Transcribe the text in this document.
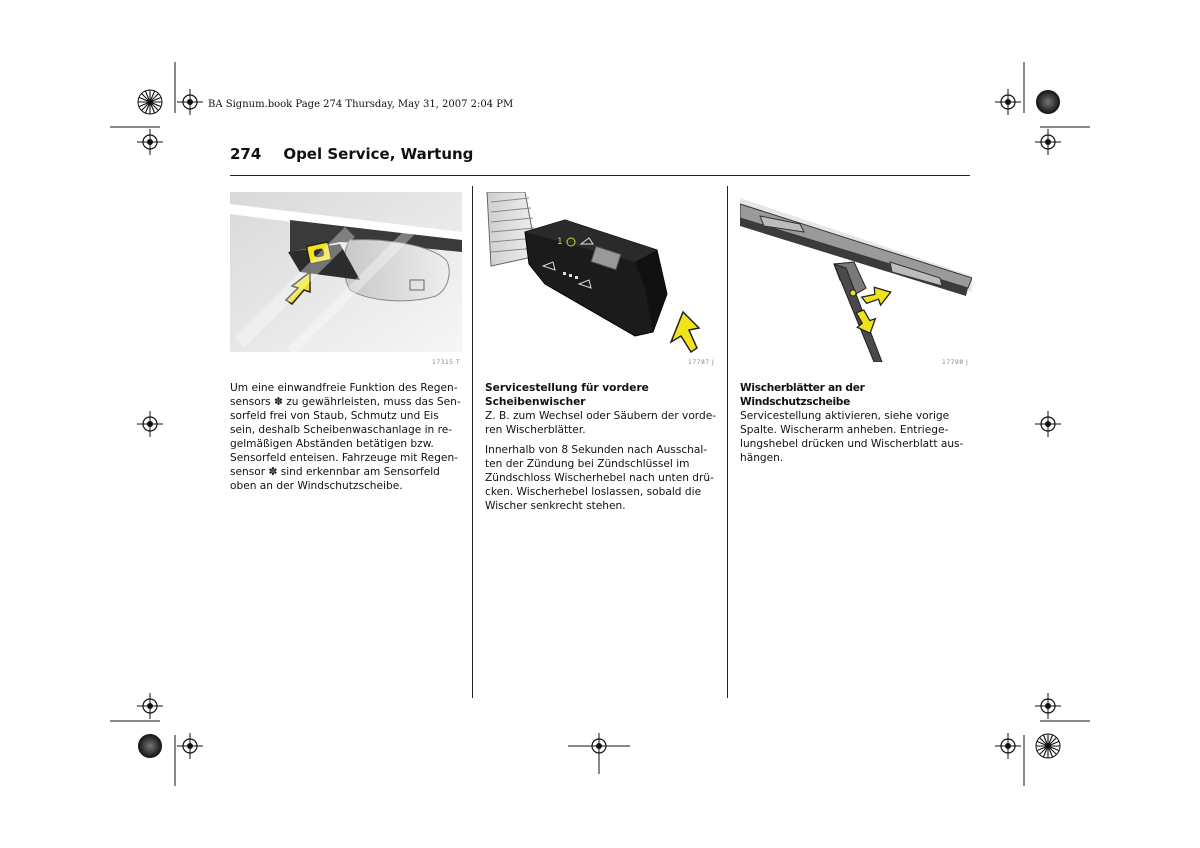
BA Signum.book Page 274 Thursday, May 31, 2007 2:04 PM
274 Opel Service, Wartung
17315 T
1
17787 J	17798 J
Um eine einwandfreie Funktion des Regen-
sensors ✽ zu gewährleisten, muss das Sen-
sorfeld frei von Staub, Schmutz und Eis
sein, deshalb Scheibenwaschanlage in re-
gelmäßigen Abständen betätigen bzw.
Sensorfeld enteisen. Fahrzeuge mit Regen-
sensor ✽ sind erkennbar am Sensorfeld
oben an der Windschutzscheibe.
Servicestellung für vordere
Scheibenwischer
Z. B. zum Wechsel oder Säubern der vorde-
ren Wischerblätter.
Innerhalb von 8 Sekunden nach Ausschal-
ten der Zündung bei Zündschlüssel im
Zündschloss Wischerhebel nach unten drü-
cken. Wischerhebel loslassen, sobald die
Wischer senkrecht stehen.
Wischerblätter an der Windschutzscheibe
Servicestellung aktivieren, siehe vorige
Spalte. Wischerarm anheben. Entriege-
lungshebel drücken und Wischerblatt aus-
hängen.
